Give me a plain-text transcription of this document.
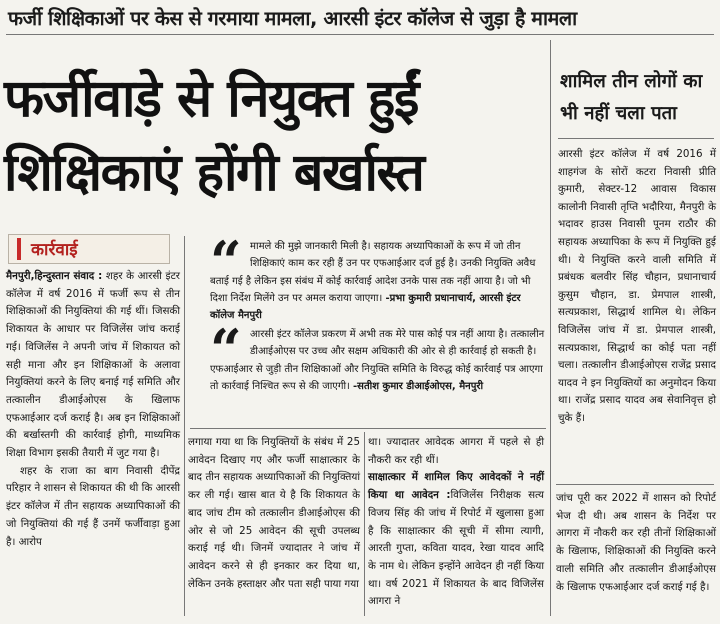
फर्जी शिक्षिकाओं पर केस से गरमाया मामला, आरसी इंटर कॉलेज से जुड़ा है मामला
फर्जीवाड़े से नियुक्त हुईं
शिक्षिकाएं होंगी बर्खास्त
शामिल तीन लोगों का भी नहीं चला पता
आरसी इंटर कॉलेज में वर्ष 2016 में शाहगंज के सोरों कटरा निवासी प्रीति कुमारी, सेक्टर-12 आवास विकास कालोनी निवासी तृप्ति भदौरिया, मैनपुरी के भदावर हाउस निवासी पूनम राठौर की सहायक अध्यापिका के रूप में नियुक्ति हुई थी। ये नियुक्ति करने वाली समिति में प्रबंधक बलवीर सिंह चौहान, प्रधानाचार्य कुसुम चौहान, डा. प्रेमपाल शास्त्री, सत्यप्रकाश, सिद्धार्थ शामिल थे। लेकिन विजिलेंस जांच में डा. प्रेमपाल शास्त्री, सत्यप्रकाश, सिद्धार्थ का कोई पता नहीं चला। तत्कालीन डीआईओएस राजेंद्र प्रसाद यादव ने इन नियुक्तियों का अनुमोदन किया था। राजेंद्र प्रसाद यादव अब सेवानिवृत्त हो चुके हैं।
कार्रवाई
मैनपुरी,हिन्दुस्तान संवाद : शहर के आरसी इंटर कॉलेज में वर्ष 2016 में फर्जी रूप से तीन शिक्षिकाओं की नियुक्तियां की गई थीं। जिसकी शिकायत के आधार पर विजिलेंस जांच कराई गई। विजिलेंस ने अपनी जांच में शिकायत को सही माना और इन शिक्षिकाओं के अलावा नियुक्तियां करने के लिए बनाई गई समिति और तत्कालीन डीआईओएस के खिलाफ एफआईआर दर्ज कराई है। अब इन शिक्षिकाओं की बर्खास्तगी की कार्रवाई होगी, माध्यमिक शिक्षा विभाग इसकी तैयारी में जुट गया है।
शहर के राजा का बाग निवासी दीपेंद्र परिहार ने शासन से शिकायत की थी कि आरसी इंटर कॉलेज में तीन सहायक अध्यापिकाओं की जो नियुक्तियां की गई हैं उनमें फर्जीवाड़ा हुआ है। आरोप
“ मामले की मुझे जानकारी मिली है। सहायक अध्यापिकाओं के रूप में जो तीन शिक्षिकाएं काम कर रही हैं उन पर एफआईआर दर्ज हुई है। उनकी नियुक्ति अवैध बताई गई है लेकिन इस संबंध में कोई कार्रवाई आदेश उनके पास तक नहीं आया है। जो भी दिशा निर्देश मिलेंगे उन पर अमल कराया जाएगा। -प्रभा कुमारी प्रधानाचार्य, आरसी इंटर कॉलेज मैनपुरी
“ आरसी इंटर कॉलेज प्रकरण में अभी तक मेरे पास कोई पत्र नहीं आया है। तत्कालीन डीआईओएस पर उच्च और सक्षम अधिकारी की ओर से ही कार्रवाई हो सकती है। एफआईआर से जुड़ी तीन शिक्षिकाओं और नियुक्ति समिति के विरुद्ध कोई कार्रवाई पत्र आएगा तो कार्रवाई निश्चित रूप से की जाएगी। -सतीश कुमार डीआईओएस, मैनपुरी
लगाया गया था कि नियुक्तियों के संबंध में 25 आवेदन दिखाए गए और फर्जी साक्षात्कार के बाद तीन सहायक अध्यापिकाओं की नियुक्तियां कर ली गई। खास बात ये है कि शिकायत के बाद जांच टीम को तत्कालीन डीआईओएस की ओर से जो 25 आवेदन की सूची उपलब्ध कराई गई थी। जिनमें ज्यादातर ने जांच में आवेदन करने से ही इनकार कर दिया था, लेकिन उनके हस्ताक्षर और पता सही पाया गया
था। ज्यादातर आवेदक आगरा में पहले से ही नौकरी कर रही थीं।
साक्षात्कार में शामिल किए आवेदकों ने नहीं किया था आवेदन :विजिलेंस निरीक्षक सत्य विजय सिंह की जांच में रिपोर्ट में खुलासा हुआ है कि साक्षात्कार की सूची में सीमा त्यागी, आरती गुप्ता, कविता यादव, रेखा यादव आदि के नाम थे। लेकिन इन्होंने आवेदन ही नहीं किया था। वर्ष 2021 में शिकायत के बाद विजिलेंस आगरा ने
जांच पूरी कर 2022 में शासन को रिपोर्ट भेज दी थी। अब शासन के निर्देश पर आगरा में नौकरी कर रही तीनों शिक्षिकाओं के खिलाफ, शिक्षिकाओं की नियुक्ति करने वाली समिति और तत्कालीन डीआईओएस के खिलाफ एफआईआर दर्ज कराई गई है।
